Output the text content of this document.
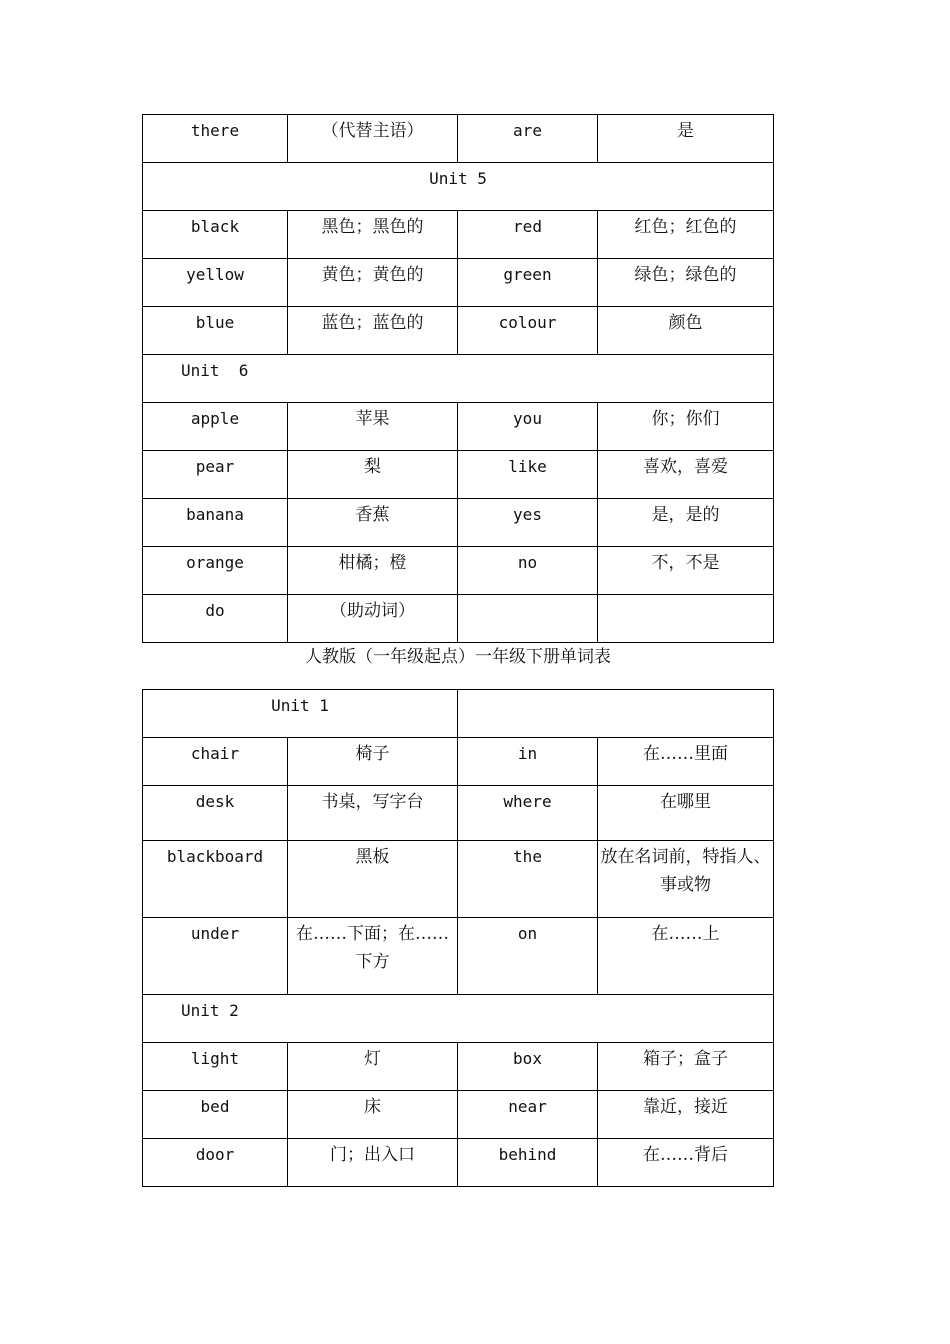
there	（代替主语）	are	是

Unit 5			

black	黑色；黑色的	red	红色；红色的

yellow	黄色；黄色的	green	绿色；绿色的

blue	蓝色；蓝色的	colour	颜色

Unit  6			

apple	苹果	you	你；你们

pear	梨	like	喜欢，喜爱

banana	香蕉	yes	是，是的

orange	柑橘；橙	no	不，不是

do	（助动词）		

人教版（一年级起点）一年级下册单词表			

Unit 1			

chair	椅子	in	在……里面

desk	书桌，写字台	where	在哪里

blackboard	黑板	the	放在名词前，特指人、事或物

under	在……下面；在……下方	on	在……上

Unit 2			

light	灯	box	箱子；盒子

bed	床	near	靠近，接近

door	门；出入口	behind	在……背后
